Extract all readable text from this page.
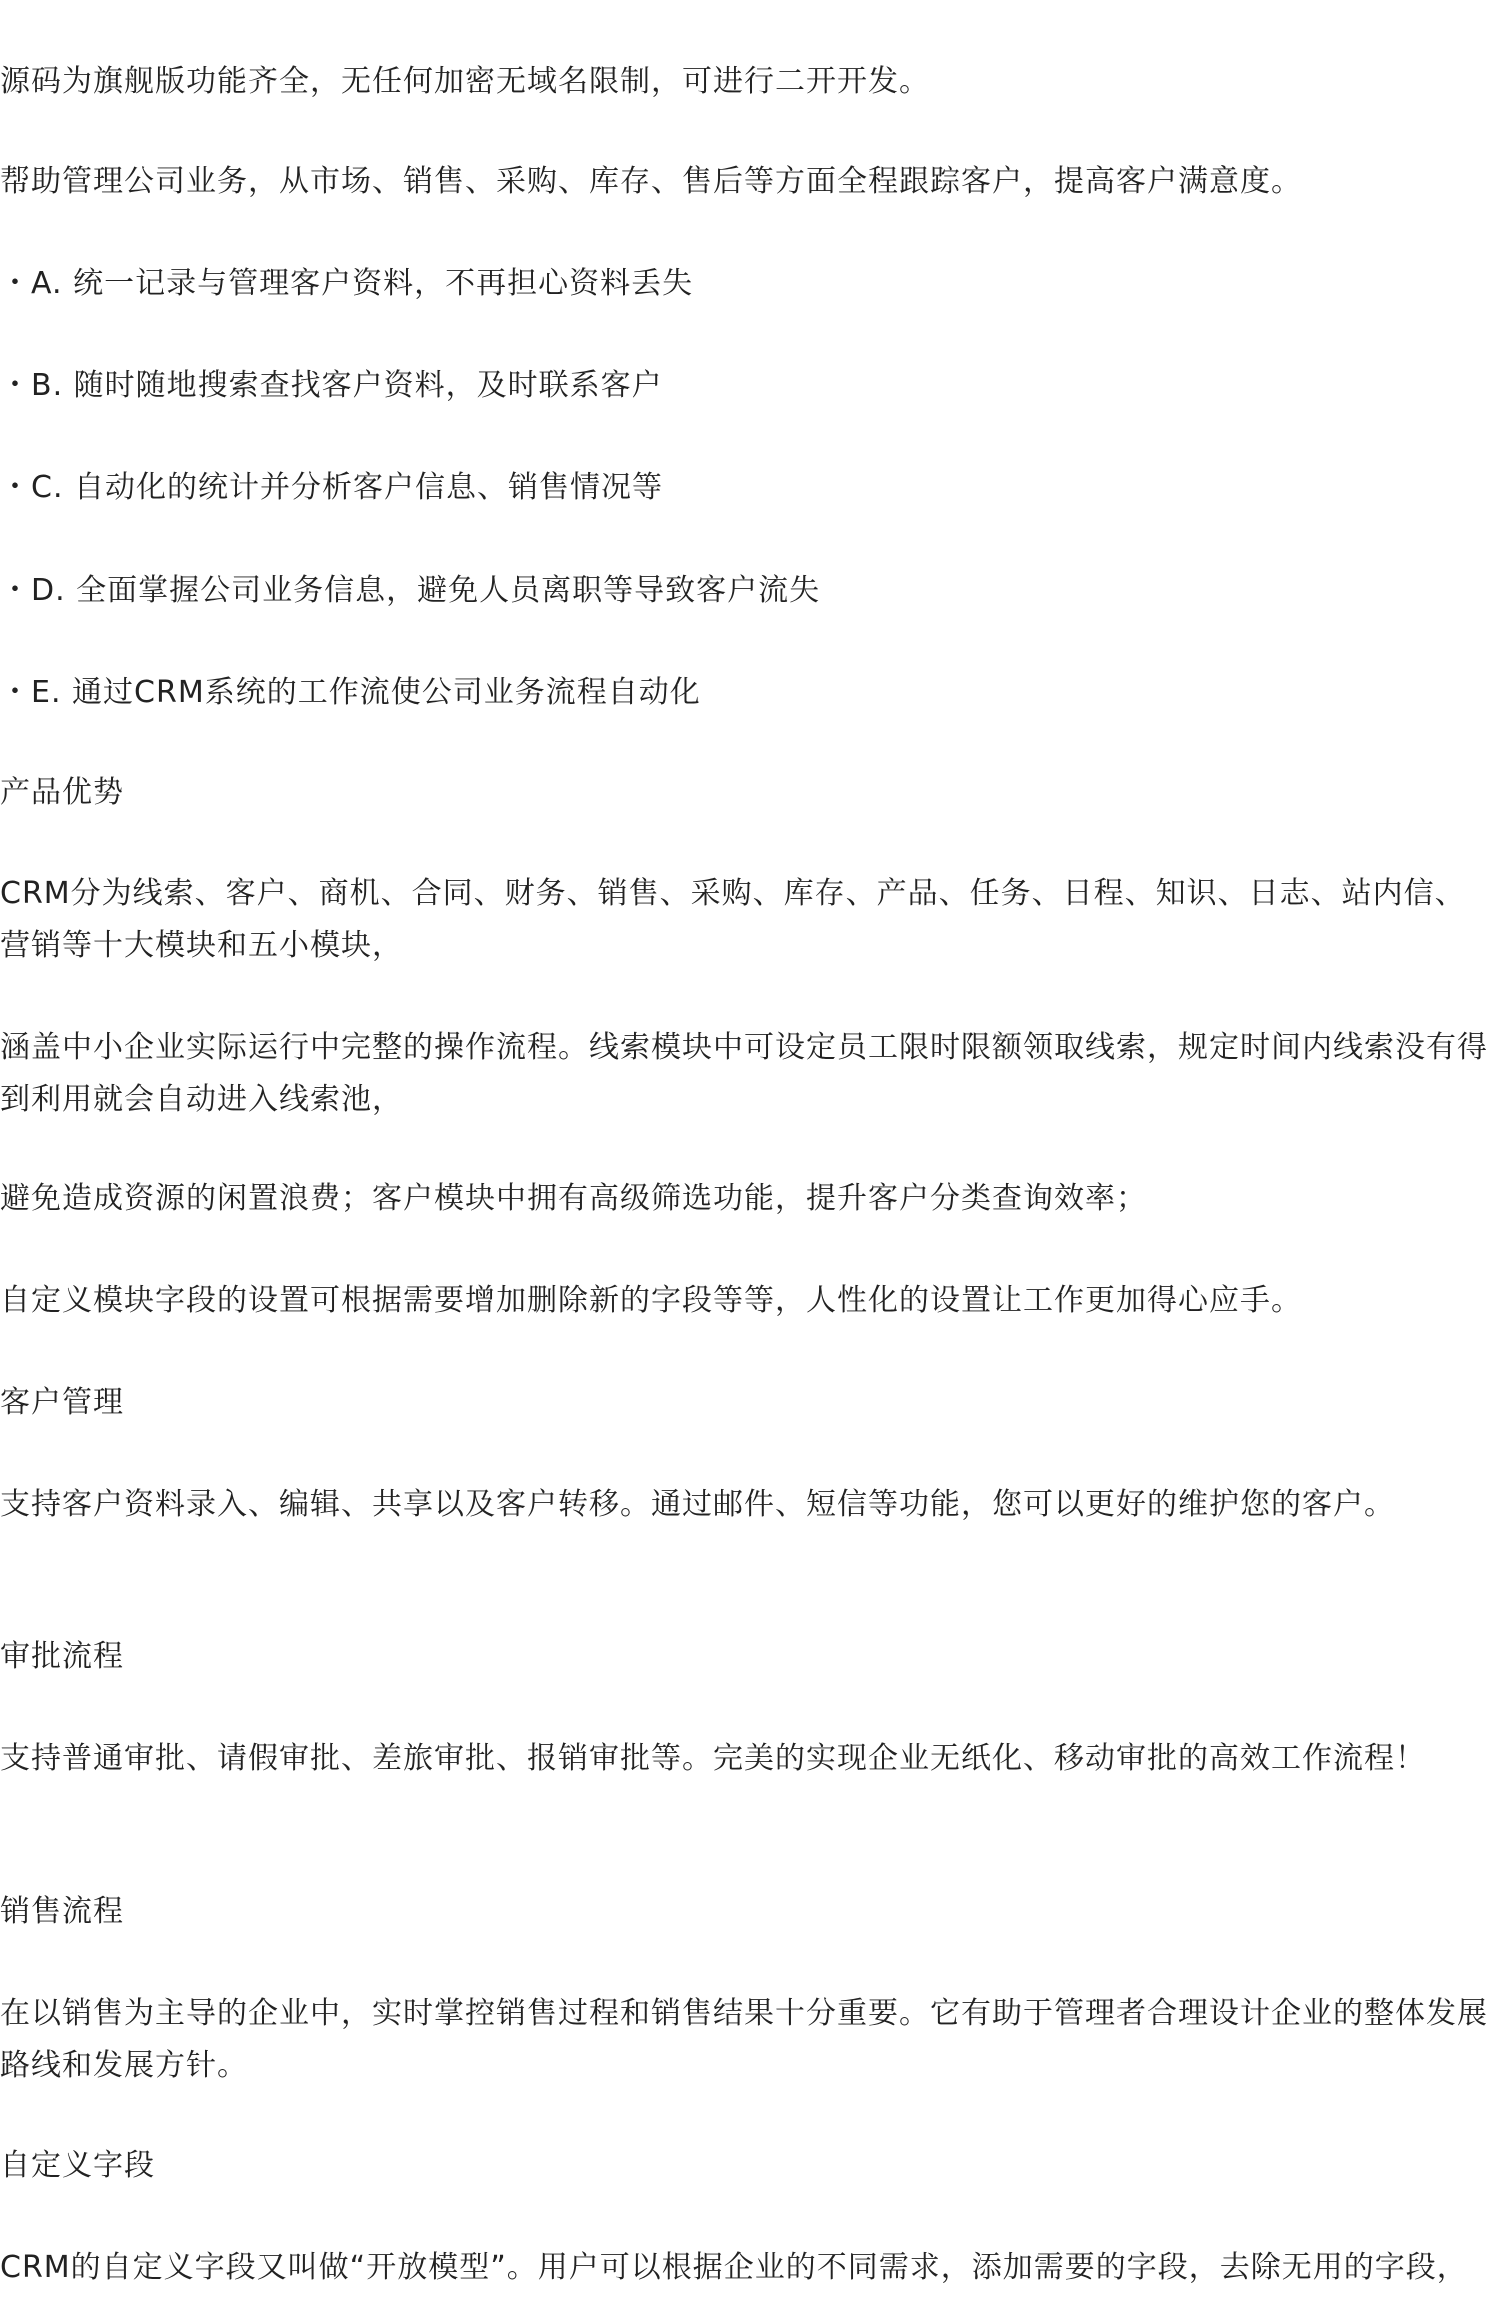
源码为旗舰版功能齐全，无任何加密无域名限制，可进行二开开发。

帮助管理公司业务，从市场、销售、采购、库存、售后等方面全程跟踪客户，提高客户满意度。

・A. 统一记录与管理客户资料，不再担心资料丢失

・B. 随时随地搜索查找客户资料，及时联系客户

・C. 自动化的统计并分析客户信息、销售情况等

・D. 全面掌握公司业务信息，避免人员离职等导致客户流失

・E. 通过CRM系统的工作流使公司业务流程自动化

产品优势

CRM分为线索、客户、商机、合同、财务、销售、采购、库存、产品、任务、日程、知识、日志、站内信、营销等十大模块和五小模块，

涵盖中小企业实际运行中完整的操作流程。线索模块中可设定员工限时限额领取线索，规定时间内线索没有得到利用就会自动进入线索池，

避免造成资源的闲置浪费；客户模块中拥有高级筛选功能，提升客户分类查询效率；

自定义模块字段的设置可根据需要增加删除新的字段等等，人性化的设置让工作更加得心应手。

客户管理

支持客户资料录入、编辑、共享以及客户转移。通过邮件、短信等功能，您可以更好的维护您的客户。

审批流程

支持普通审批、请假审批、差旅审批、报销审批等。完美的实现企业无纸化、移动审批的高效工作流程！

销售流程

在以销售为主导的企业中，实时掌控销售过程和销售结果十分重要。它有助于管理者合理设计企业的整体发展路线和发展方针。

自定义字段

CRM的自定义字段又叫做“开放模型”。用户可以根据企业的不同需求，添加需要的字段，去除无用的字段，
